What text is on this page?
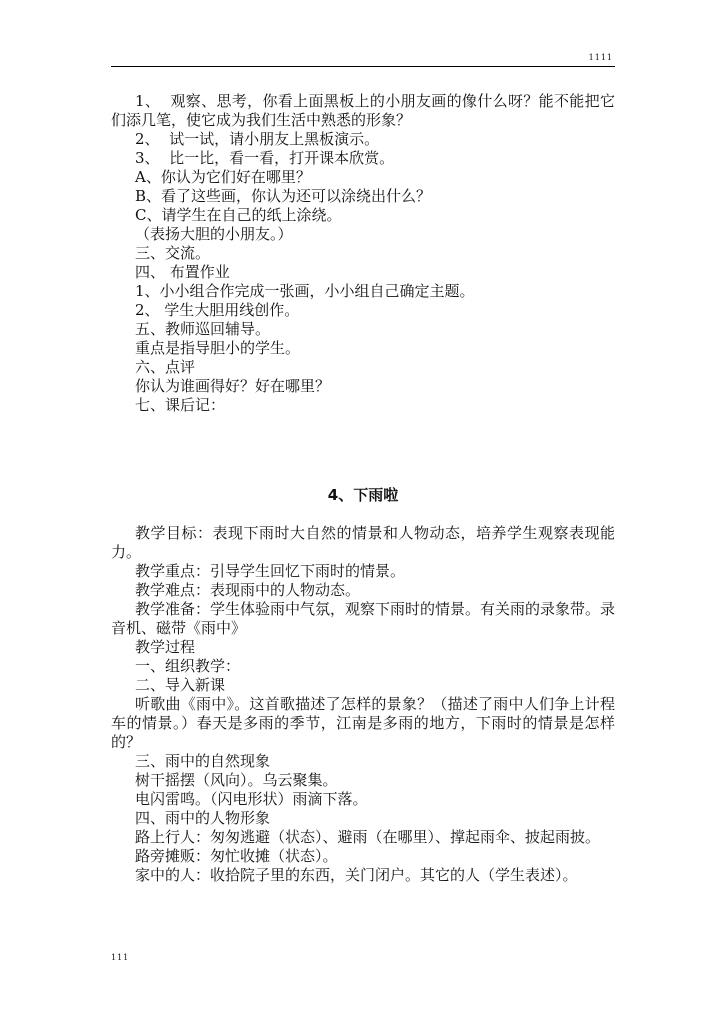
1111

1、  观察、思考，你看上面黑板上的小朋友画的像什么呀？能不能把它们添几笔，使它成为我们生活中熟悉的形象？

2、  试一试，请小朋友上黑板演示。

3、  比一比，看一看，打开课本欣赏。

A、你认为它们好在哪里？

B、看了这些画，你认为还可以涂绕出什么？

C、请学生在自己的纸上涂绕。

（表扬大胆的小朋友。）

三、交流。

四、 布置作业

1、小小组合作完成一张画，小小组自己确定主题。

2、 学生大胆用线创作。

五、教师巡回辅导。

重点是指导胆小的学生。

六、点评

你认为谁画得好？好在哪里？

七、课后记：

4、下雨啦

教学目标：表现下雨时大自然的情景和人物动态，培养学生观察表现能力。

教学重点：引导学生回忆下雨时的情景。

教学难点：表现雨中的人物动态。

教学准备：学生体验雨中气氛，观察下雨时的情景。有关雨的录象带。录音机、磁带《雨中》

教学过程

一、组织教学：

二、导入新课

听歌曲《雨中》。这首歌描述了怎样的景象？（描述了雨中人们争上计程车的情景。）春天是多雨的季节，江南是多雨的地方，下雨时的情景是怎样的？

三、雨中的自然现象

树干摇摆（风向）。乌云聚集。

电闪雷鸣。（闪电形状）雨滴下落。

四、雨中的人物形象

路上行人：匆匆逃避（状态）、避雨（在哪里）、撑起雨伞、披起雨披。

路旁摊贩：匆忙收摊（状态）。

家中的人：收拾院子里的东西，关门闭户。其它的人（学生表述）。

111
